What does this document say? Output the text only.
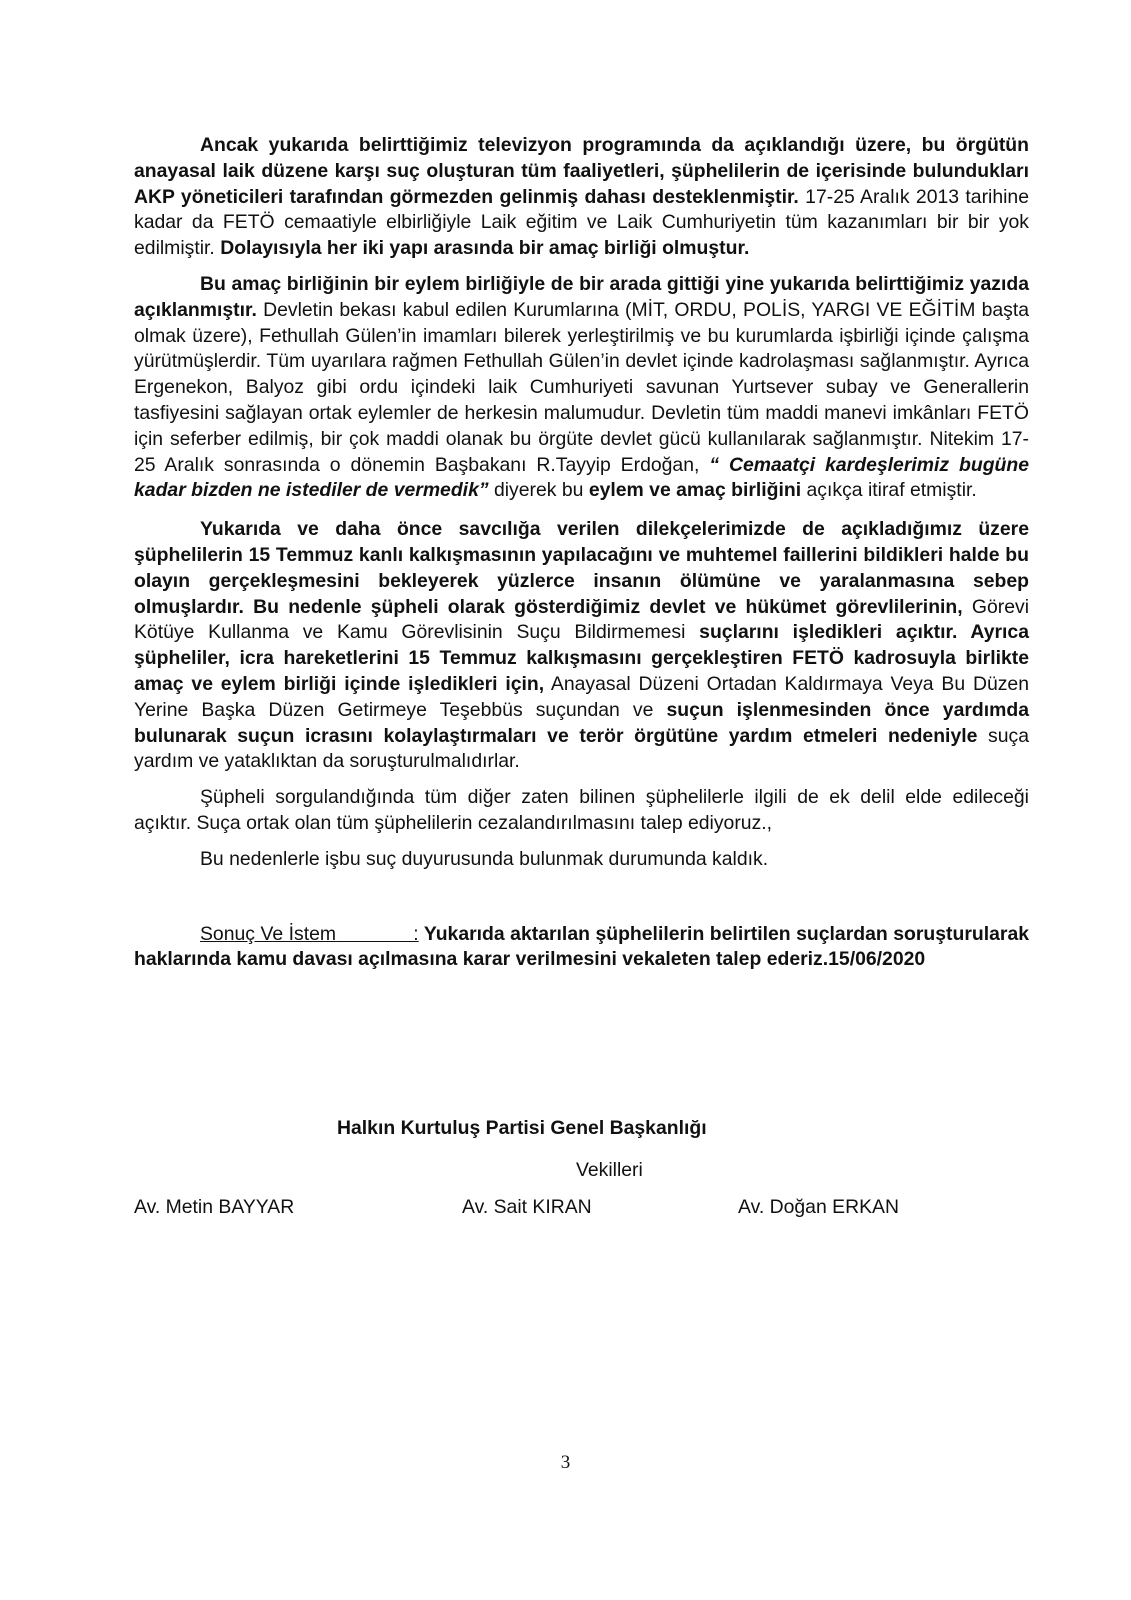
Ancak yukarıda belirttiğimiz televizyon programında da açıklandığı üzere, bu örgütün anayasal laik düzene karşı suç oluşturan tüm faaliyetleri, şüphelilerin de içerisinde bulundukları AKP yöneticileri tarafından görmezden gelinmiş dahası desteklenmiştir. 17-25 Aralık 2013 tarihine kadar da FETÖ cemaatiyle elbirliğiyle Laik eğitim ve Laik Cumhuriyetin tüm kazanımları bir bir yok edilmiştir. Dolayısıyla her iki yapı arasında bir amaç birliği olmuştur.

Bu amaç birliğinin bir eylem birliğiyle de bir arada gittiği yine yukarıda belirttiğimiz yazıda açıklanmıştır. Devletin bekası kabul edilen Kurumlarına (MİT, ORDU, POLİS, YARGI VE EĞİTİM başta olmak üzere), Fethullah Gülen’in imamları bilerek yerleştirilmiş ve bu kurumlarda işbirliği içinde çalışma yürütmüşlerdir. Tüm uyarılara rağmen Fethullah Gülen’in devlet içinde kadrolaşması sağlanmıştır. Ayrıca Ergenekon, Balyoz gibi ordu içindeki laik Cumhuriyeti savunan Yurtsever subay ve Generallerin tasfiyesini sağlayan ortak eylemler de herkesin malumudur. Devletin tüm maddi manevi imkânları FETÖ için seferber edilmiş, bir çok maddi olanak bu örgüte devlet gücü kullanılarak sağlanmıştır. Nitekim 17-25 Aralık sonrasında o dönemin Başbakanı R.Tayyip Erdoğan, “ Cemaatçi kardeşlerimiz bugüne kadar bizden ne istediler de vermedik” diyerek bu eylem ve amaç birliğini açıkça itiraf etmiştir.

Yukarıda ve daha önce savcılığa verilen dilekçelerimizde de açıkladığımız üzere şüphelilerin 15 Temmuz kanlı kalkışmasının yapılacağını ve muhtemel faillerini bildikleri halde bu olayın gerçekleşmesini bekleyerek yüzlerce insanın ölümüne ve yaralanmasına sebep olmuşlardır. Bu nedenle şüpheli olarak gösterdiğimiz devlet ve hükümet görevlilerinin, Görevi Kötüye Kullanma ve Kamu Görevlisinin Suçu Bildirmemesi suçlarını işledikleri açıktır. Ayrıca şüpheliler, icra hareketlerini 15 Temmuz kalkışmasını gerçekleştiren FETÖ kadrosuyla birlikte amaç ve eylem birliği içinde işledikleri için, Anayasal Düzeni Ortadan Kaldırmaya Veya Bu Düzen Yerine Başka Düzen Getirmeye Teşebbüs suçundan ve suçun işlenmesinden önce yardımda bulunarak suçun icrasını kolaylaştırmaları ve terör örgütüne yardım etmeleri nedeniyle suça yardım ve yataklıktan da soruşturulmalıdırlar.

Şüpheli sorgulandığında tüm diğer zaten bilinen şüphelilerle ilgili de ek delil elde edileceği açıktır. Suça ortak olan tüm şüphelilerin cezalandırılmasını talep ediyoruz.,

Bu nedenlerle işbu suç duyurusunda bulunmak durumunda kaldık.

Sonuç Ve İstem              : Yukarıda aktarılan şüphelilerin belirtilen suçlardan soruşturularak haklarında kamu davası açılmasına karar verilmesini vekaleten talep ederiz.15/06/2020

Halkın Kurtuluş Partisi Genel Başkanlığı
Vekilleri
Av. Metin BAYYAR	Av. Sait KIRAN	Av. Doğan ERKAN
3
